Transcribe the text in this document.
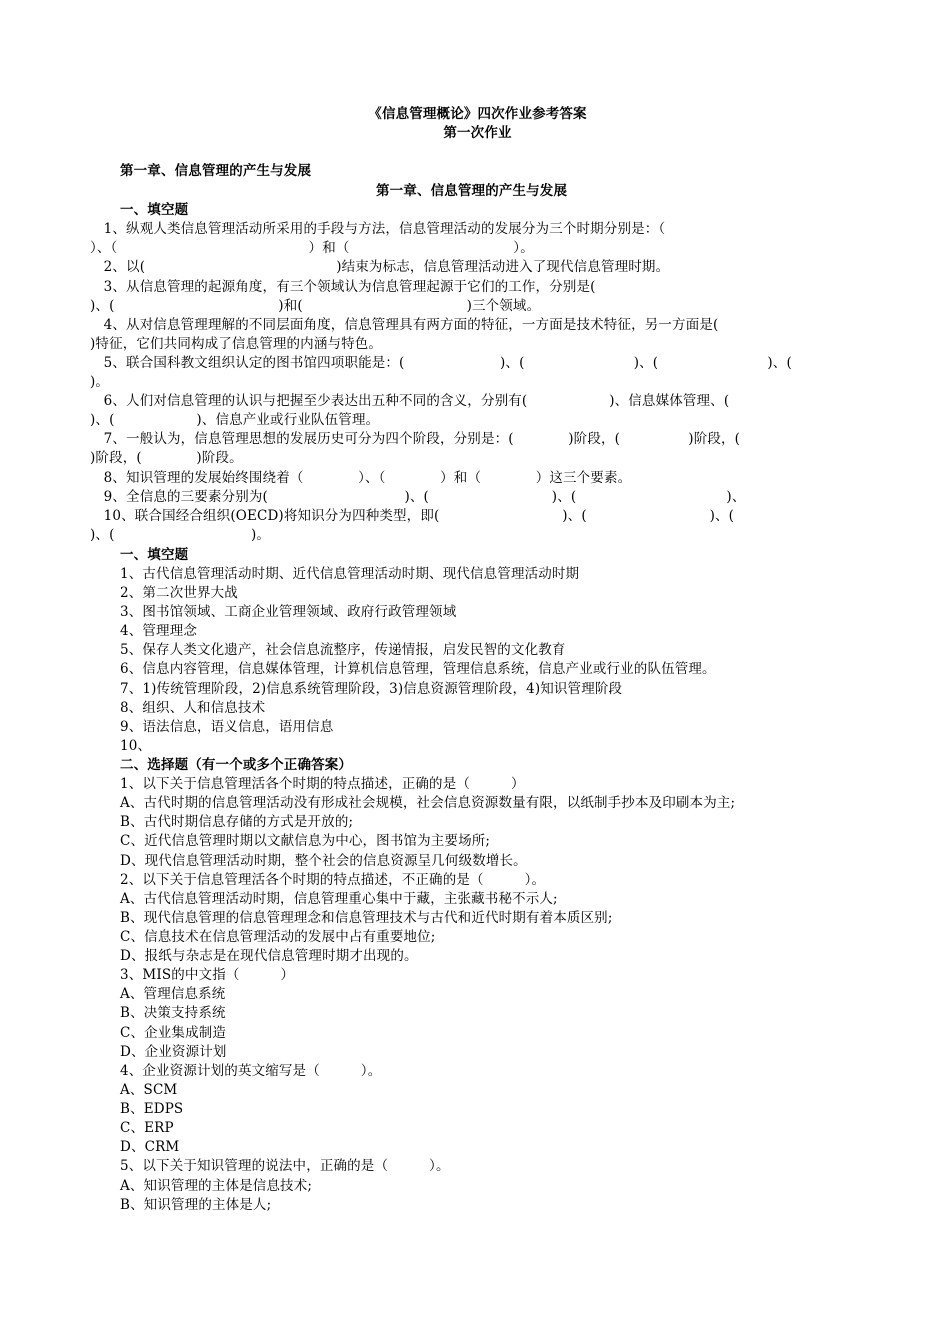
《信息管理概论》四次作业参考答案
第一次作业
第一章、信息管理的产生与发展
第一章、信息管理的产生与发展
一、填空题
　1、纵观人类信息管理活动所采用的手段与方法，信息管理活动的发展分为三个时期分别是：（
）、（　　　　　　　　　　　　　　）和（　　　　　　　　　　　　）。
　2、以(　　　　　　　　　　　　　　)结束为标志，信息管理活动进入了现代信息管理时期。
　3、从信息管理的起源角度，有三个领域认为信息管理起源于它们的工作，分别是(
)、(　　　　　　　　　　　　)和(　　　　　　　　　　　　)三个领域。
　4、从对信息管理理解的不同层面角度，信息管理具有两方面的特征，一方面是技术特征，另一方面是(
)特征，它们共同构成了信息管理的内涵与特色。
　5、联合国科教文组织认定的图书馆四项职能是：(　　　　　　　)、(　　　　　　　　)、(　　　　　　　　)、(
)。
　6、人们对信息管理的认识与把握至少表达出五种不同的含义，分别有(　　　　　　)、信息媒体管理、(
)、(　　　　　　)、信息产业或行业队伍管理。
　7、一般认为，信息管理思想的发展历史可分为四个阶段，分别是：(　　　　)阶段，(　　　　　)阶段，(
)阶段，(　　　　)阶段。
　8、知识管理的发展始终围绕着（　　　　）、（　　　　）和（　　　　）这三个要素。
　9、全信息的三要素分别为(　　　　　　　　　　)、(　　　　　　　　　)、(　　　　　　　　　　　)、
　10、联合国经合组织(OECD)将知识分为四种类型，即(　　　　　　　　　)、(　　　　　　　　　)、(
)、(　　　　　　　　　　)。
一、填空题
1、古代信息管理活动时期、近代信息管理活动时期、现代信息管理活动时期
2、第二次世界大战
3、图书馆领域、工商企业管理领域、政府行政管理领域
4、管理理念
5、保存人类文化遗产，社会信息流整序，传递情报，启发民智的文化教育
6、信息内容管理，信息媒体管理，计算机信息管理，管理信息系统，信息产业或行业的队伍管理。
7、1)传统管理阶段，2)信息系统管理阶段，3)信息资源管理阶段，4)知识管理阶段
8、组织、人和信息技术
9、语法信息，语义信息，语用信息
10、
二、选择题（有一个或多个正确答案）
1、以下关于信息管理活各个时期的特点描述，正确的是（　　　）
A、古代时期的信息管理活动没有形成社会规模，社会信息资源数量有限，以纸制手抄本及印刷本为主;
B、古代时期信息存储的方式是开放的;
C、近代信息管理时期以文献信息为中心，图书馆为主要场所;
D、现代信息管理活动时期，整个社会的信息资源呈几何级数增长。
2、以下关于信息管理活各个时期的特点描述，不正确的是（　　　）。
A、古代信息管理活动时期，信息管理重心集中于藏，主张藏书秘不示人;
B、现代信息管理的信息管理理念和信息管理技术与古代和近代时期有着本质区别;
C、信息技术在信息管理活动的发展中占有重要地位;
D、报纸与杂志是在现代信息管理时期才出现的。
3、MIS的中文指（　　　）
A、管理信息系统
B、决策支持系统
C、企业集成制造
D、企业资源计划
4、企业资源计划的英文缩写是（　　　）。
A、SCM
B、EDPS
C、ERP
D、CRM
5、以下关于知识管理的说法中，正确的是（　　　）。
A、知识管理的主体是信息技术;
B、知识管理的主体是人;
